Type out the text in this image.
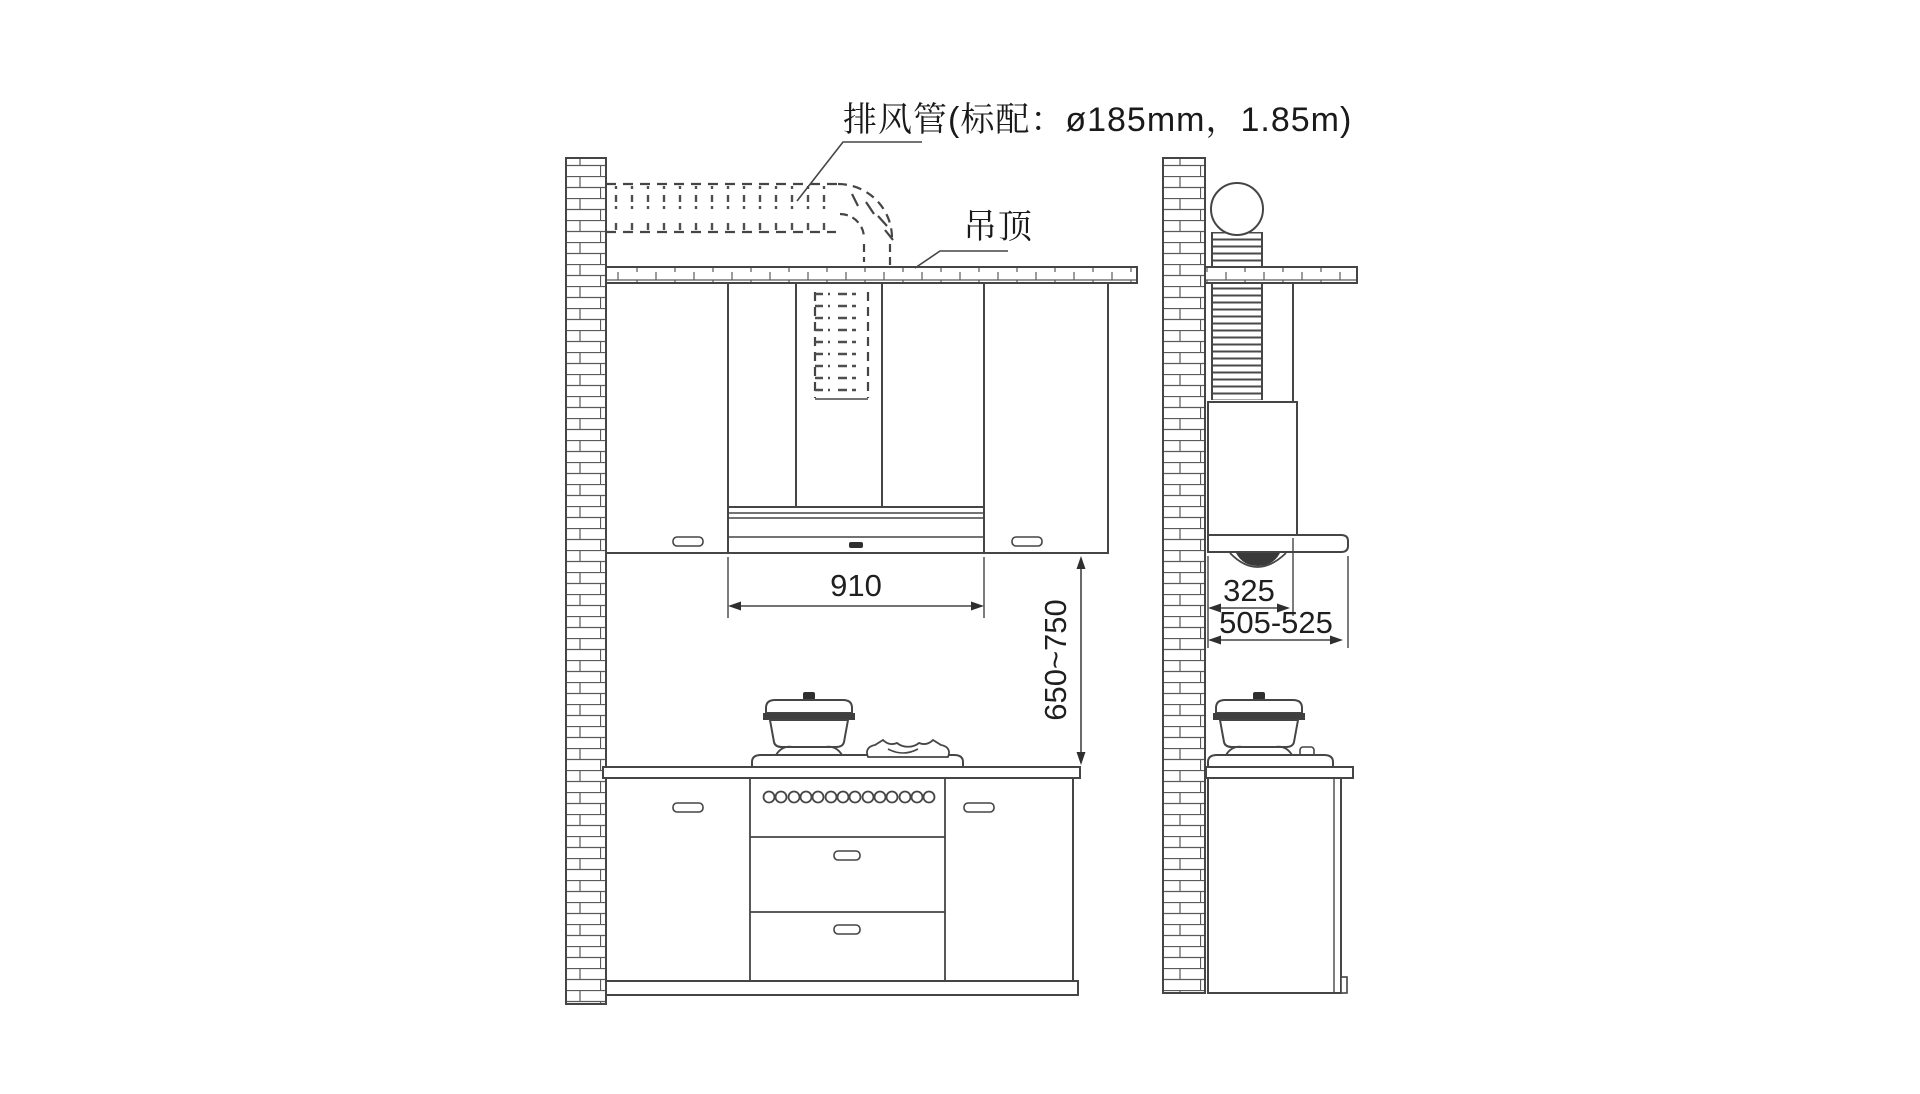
910
650~750
排风管(标配：ø185mm，1.85m)
吊顶
325
505-525
